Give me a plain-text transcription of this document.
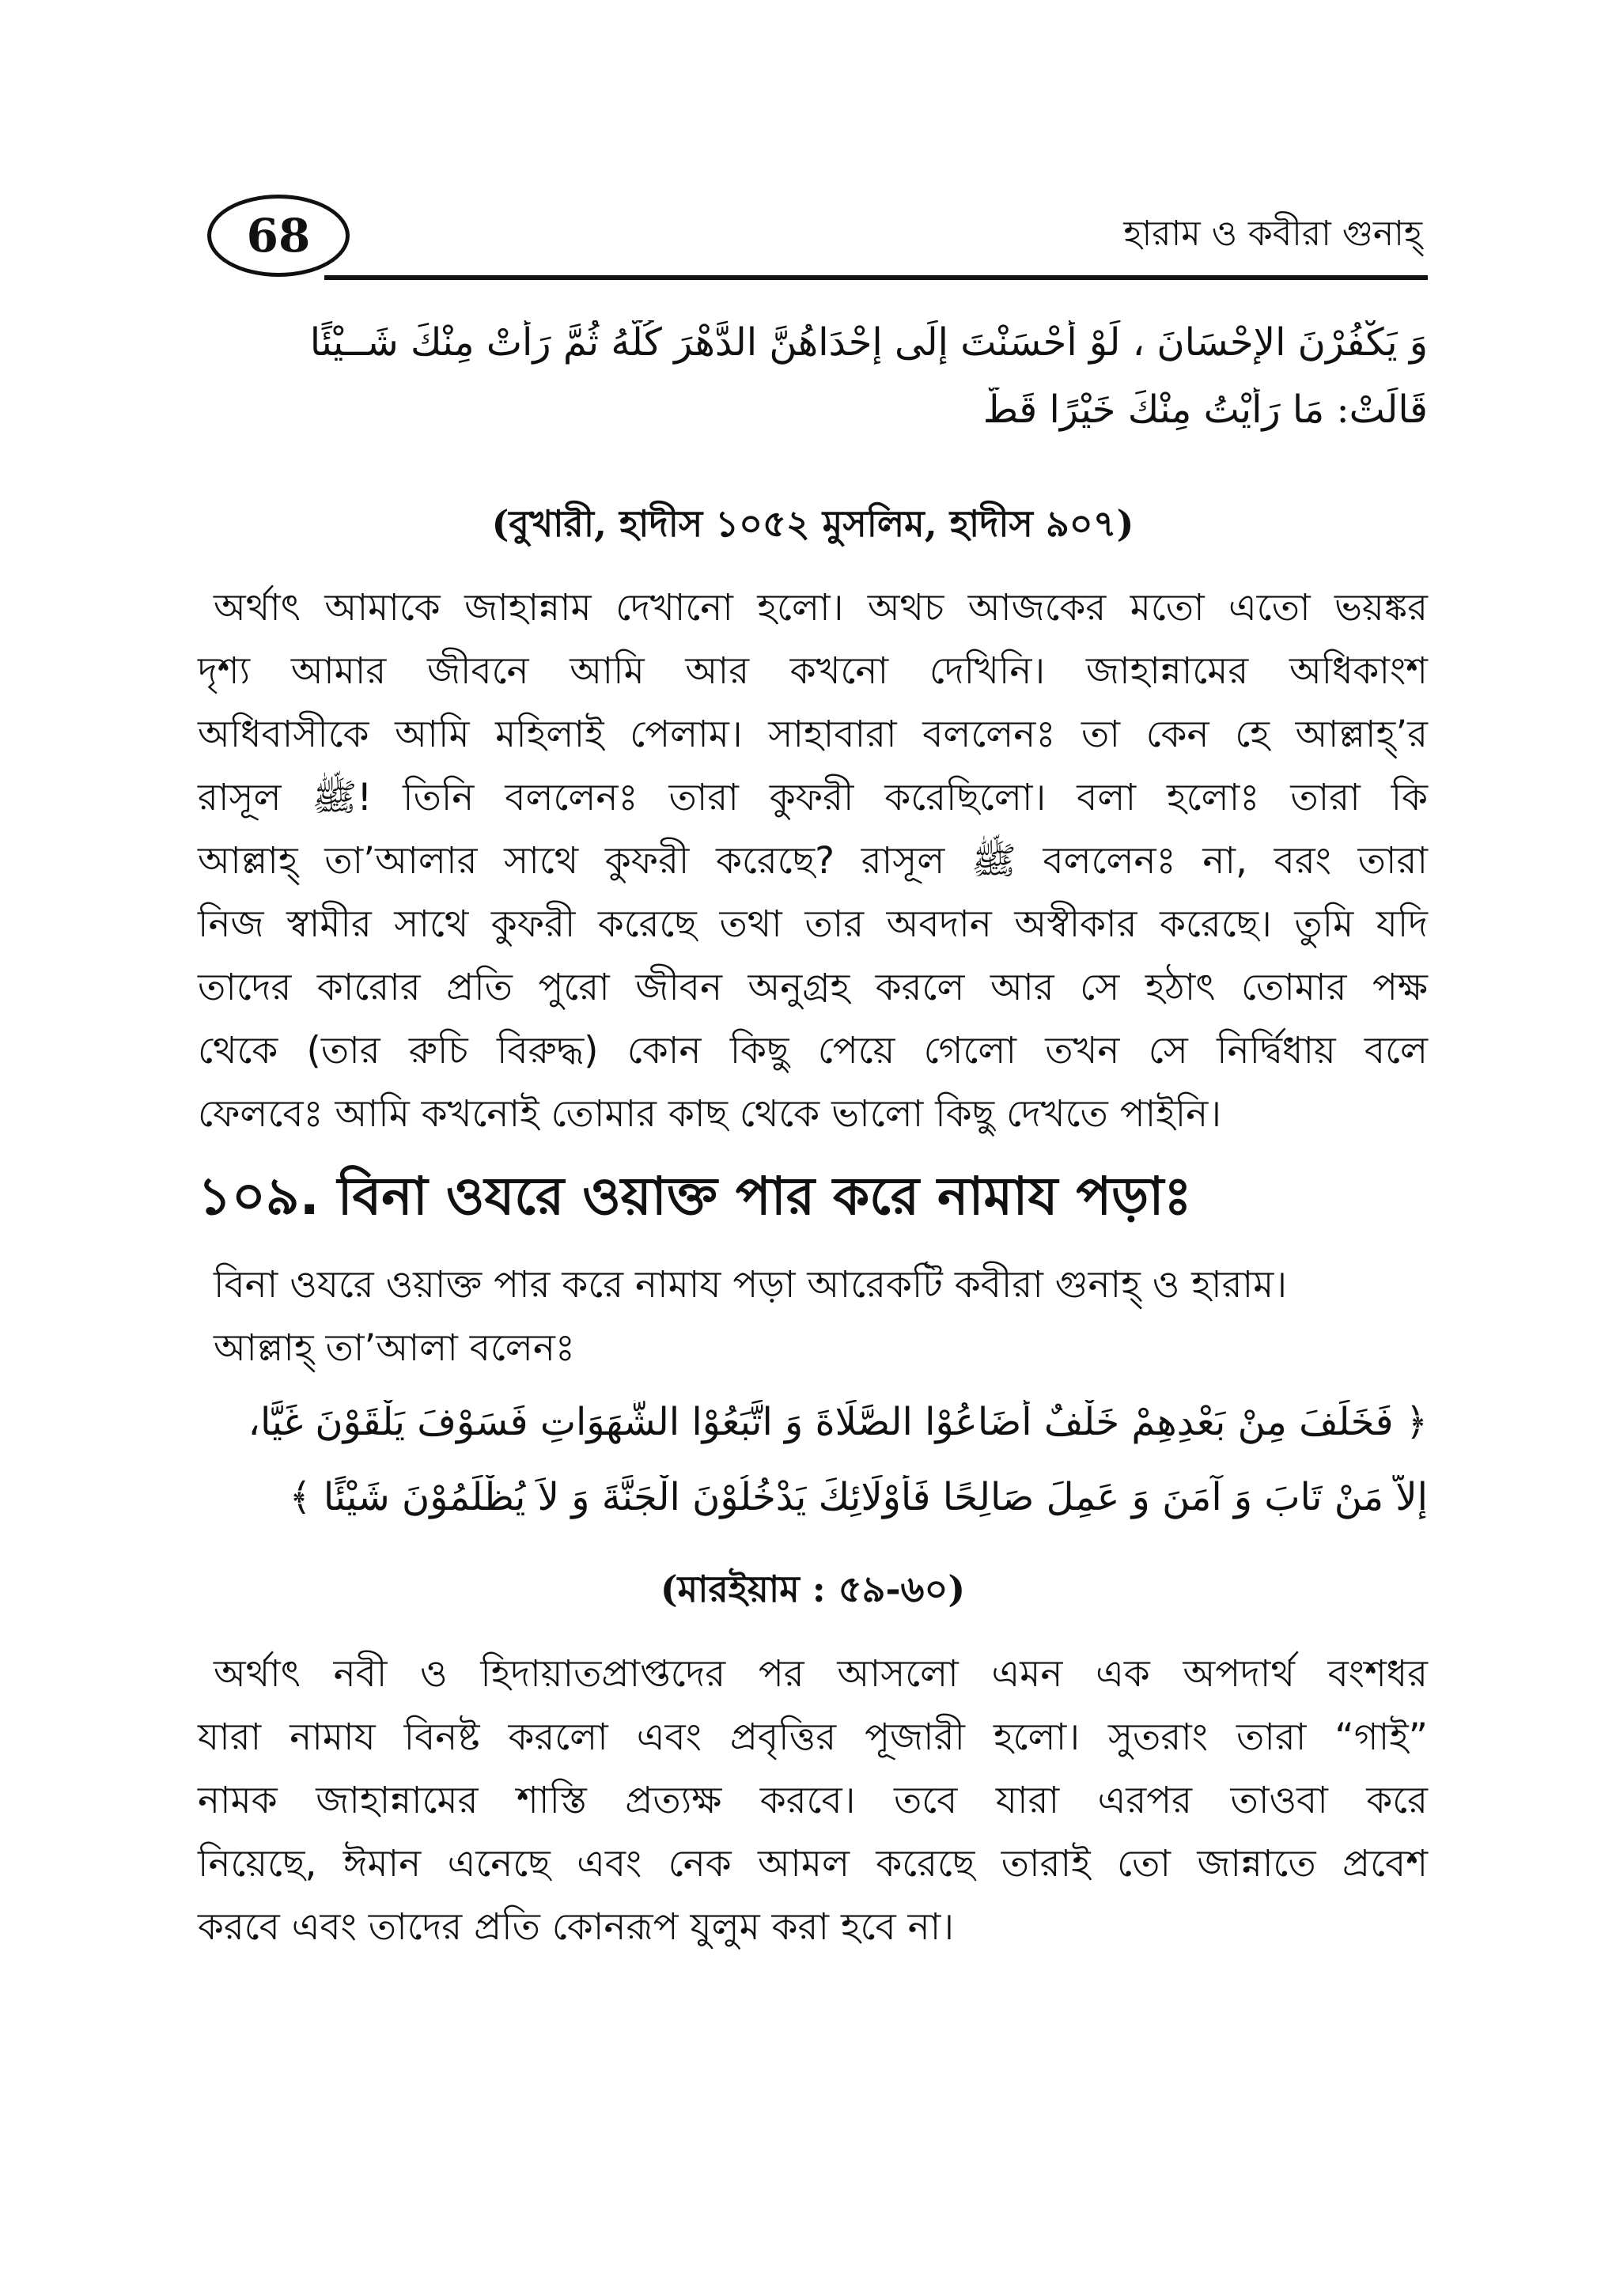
68	হারাম ও কবীরা গুনাহ্
وَ يَكْفُرْنَ الإِحْسَانَ ، لَوْ أَحْسَنْتَ إِلَى إِحْدَاهُنَّ الدَّهْرَ كُلَّهُ ثُمَّ رَأَتْ مِنْكَ شَــيْئًا
قَالَتْ: مَا رَأَيْتُ مِنْكَ خَيْرًا قَطُّ
(বুখারী, হাদীস ১০৫২ মুসলিম, হাদীস ৯০৭)
অর্থাৎ আমাকে জাহান্নাম দেখানো হলো। অথচ আজকের মতো এতো ভয়ঙ্কর
দৃশ্য আমার জীবনে আমি আর কখনো দেখিনি। জাহান্নামের অধিকাংশ
অধিবাসীকে আমি মহিলাই পেলাম। সাহাবারা বললেনঃ তা কেন হে আল্লাহ্’র
রাসূল ﷺ! তিনি বললেনঃ তারা কুফরী করেছিলো। বলা হলোঃ তারা কি
আল্লাহ্ তা’আলার সাথে কুফরী করেছে? রাসূল ﷺ বললেনঃ না, বরং তারা
নিজ স্বামীর সাথে কুফরী করেছে তথা তার অবদান অস্বীকার করেছে। তুমি যদি
তাদের কারোর প্রতি পুরো জীবন অনুগ্রহ করলে আর সে হঠাৎ তোমার পক্ষ
থেকে (তার রুচি বিরুদ্ধ) কোন কিছু পেয়ে গেলো তখন সে নির্দ্বিধায় বলে
ফেলবেঃ আমি কখনোই তোমার কাছ থেকে ভালো কিছু দেখতে পাইনি।
১০৯. বিনা ওযরে ওয়াক্ত পার করে নামায পড়াঃ
বিনা ওযরে ওয়াক্ত পার করে নামায পড়া আরেকটি কবীরা গুনাহ্ ও হারাম।
আল্লাহ্ তা’আলা বলেনঃ
﴿ فَخَلَفَ مِنْ بَعْدِهِمْ خَلْفٌ أَضَاعُوْا الصَّلَاةَ وَ اتَّبَعُوْا الشَّهَوَاتِ فَسَوْفَ يَلْقَوْنَ غَيًّا،
إِلاَّ مَنْ تَابَ وَ آمَنَ وَ عَمِلَ صَالِحًا فَأُوْلَائِكَ يَدْخُلُوْنَ الْجَنَّةَ وَ لاَ يُظْلَمُوْنَ شَيْئًا ﴾
(মারইয়াম : ৫৯-৬০)
অর্থাৎ নবী ও হিদায়াতপ্রাপ্তদের পর আসলো এমন এক অপদার্থ বংশধর
যারা নামায বিনষ্ট করলো এবং প্রবৃত্তির পূজারী হলো। সুতরাং তারা “গাই”
নামক জাহান্নামের শাস্তি প্রত্যক্ষ করবে। তবে যারা এরপর তাওবা করে
নিয়েছে, ঈমান এনেছে এবং নেক আমল করেছে তারাই তো জান্নাতে প্রবেশ
করবে এবং তাদের প্রতি কোনরূপ যুলুম করা হবে না।
